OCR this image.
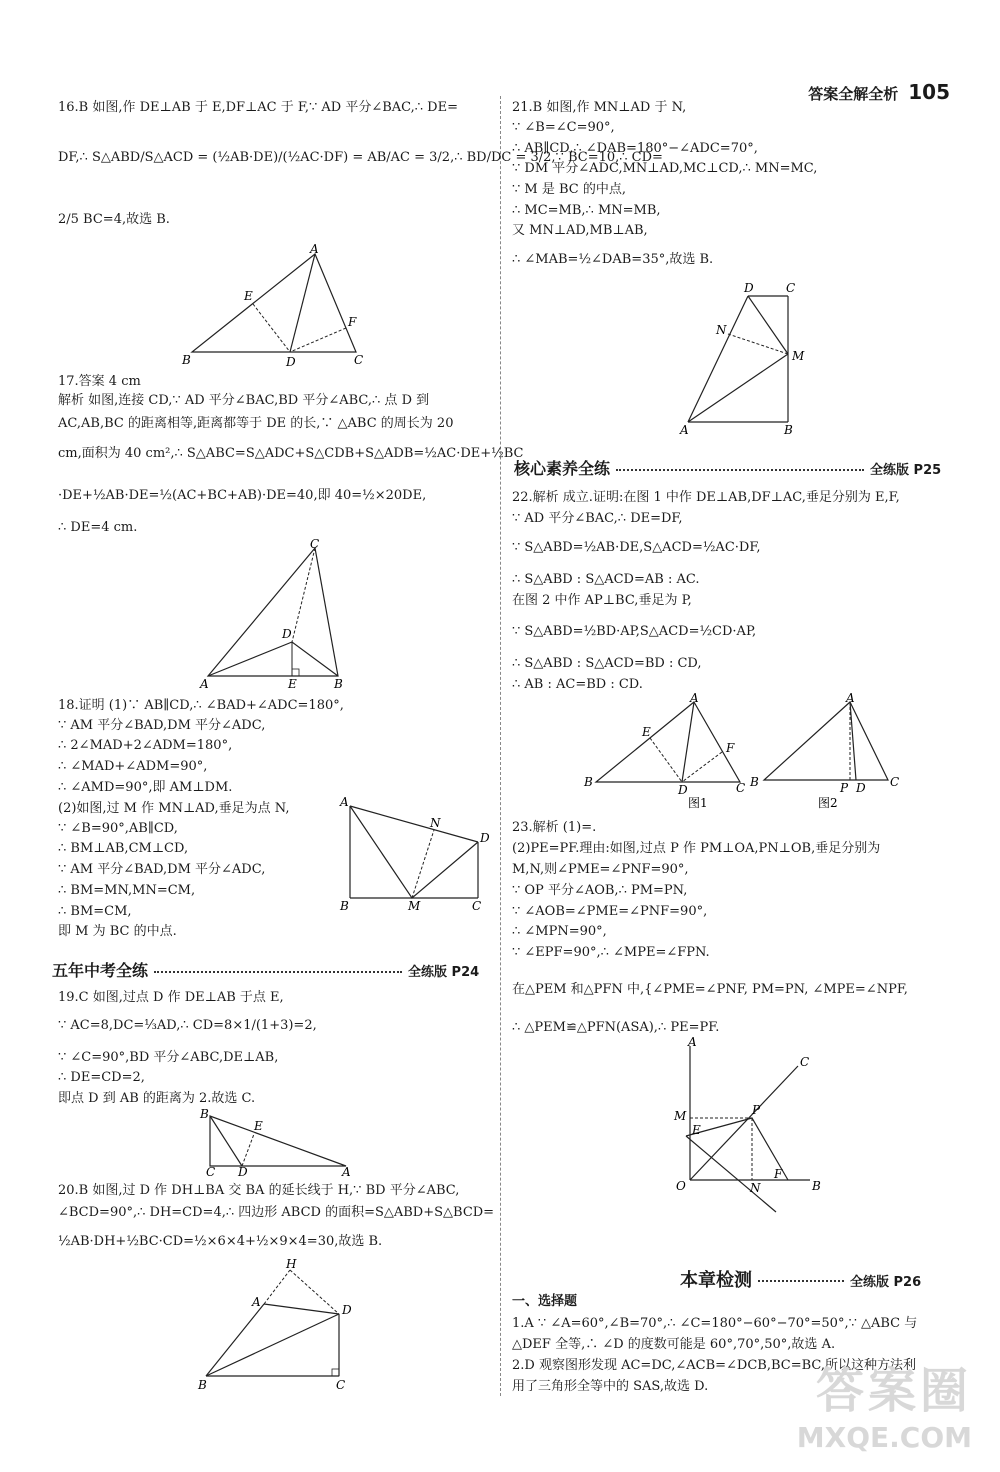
答案全解全析 105
16.B 如图,作 DE⊥AB 于 E,DF⊥AC 于 F,∵ AD 平分∠BAC,∴ DE=
DF,∴ S△ABD/S△ACD = (½AB·DE)/(½AC·DF) = AB/AC = 3/2,∴ BD/DC = 3/2,∵ BC=10,∴ CD=
2/5 BC=4,故选 B.
A
B	C
D
E
F
17.答案 4 cm
解析 如图,连接 CD,∵ AD 平分∠BAC,BD 平分∠ABC,∴ 点 D 到
AC,AB,BC 的距离相等,距离都等于 DE 的长,∵ △ABC 的周长为 20
cm,面积为 40 cm²,∴ S△ABC=S△ADC+S△CDB+S△ADB=½AC·DE+½BC
·DE+½AB·DE=½(AC+BC+AB)·DE=40,即 40=½×20DE,
∴ DE=4 cm.
C
A	B
D
E
18.证明 (1)∵ AB∥CD,∴ ∠BAD+∠ADC=180°,
∵ AM 平分∠BAD,DM 平分∠ADC,
∴ 2∠MAD+2∠ADM=180°,
∴ ∠MAD+∠ADM=90°,
∴ ∠AMD=90°,即 AM⊥DM.
(2)如图,过 M 作 MN⊥AD,垂足为点 N,
∵ ∠B=90°,AB∥CD,
∴ BM⊥AB,CM⊥CD,
∵ AM 平分∠BAD,DM 平分∠ADC,
∴ BM=MN,MN=CM,
∴ BM=CM,
即 M 为 BC 的中点.
A
B	C
D
M
N
五年中考全练	全练版 P24
19.C 如图,过点 D 作 DE⊥AB 于点 E,
∵ AC=8,DC=⅓AD,∴ CD=8×1/(1+3)=2,
∵ ∠C=90°,BD 平分∠ABC,DE⊥AB,
∴ DE=CD=2,
即点 D 到 AB 的距离为 2.故选 C.
B
C D	A
E
20.B 如图,过 D 作 DH⊥BA 交 BA 的延长线于 H,∵ BD 平分∠ABC,
∠BCD=90°,∴ DH=CD=4,∴ 四边形 ABCD 的面积=S△ABD+S△BCD=
½AB·DH+½BC·CD=½×6×4+½×9×4=30,故选 B.
H
A
D
B	C
21.B 如图,作 MN⊥AD 于 N,
∵ ∠B=∠C=90°,
∴ AB∥CD,∴ ∠DAB=180°−∠ADC=70°,
∵ DM 平分∠ADC,MN⊥AD,MC⊥CD,∴ MN=MC,
∵ M 是 BC 的中点,
∴ MC=MB,∴ MN=MB,
又 MN⊥AD,MB⊥AB,
∴ ∠MAB=½∠DAB=35°,故选 B.
D	C
N
M
A	B
核心素养全练	全练版 P25
22.解析 成立.证明:在图 1 中作 DE⊥AB,DF⊥AC,垂足分别为 E,F,
∵ AD 平分∠BAC,∴ DE=DF,
∵ S△ABD=½AB·DE,S△ACD=½AC·DF,
∴ S△ABD : S△ACD=AB : AC.
在图 2 中作 AP⊥BC,垂足为 P,
∵ S△ABD=½BD·AP,S△ACD=½CD·AP,
∴ S△ABD : S△ACD=BD : CD,
∴ AB : AC=BD : CD.
A
B	C
D
E
F
图1
A
B	C
P D
图2
23.解析 (1)=.
(2)PE=PF.理由:如图,过点 P 作 PM⊥OA,PN⊥OB,垂足分别为
M,N,则∠PME=∠PNF=90°,
∵ OP 平分∠AOB,∴ PM=PN,
∵ ∠AOB=∠PME=∠PNF=90°,
∴ ∠MPN=90°,
∵ ∠EPF=90°,∴ ∠MPE=∠FPN.
在△PEM 和△PFN 中,{∠PME=∠PNF, PM=PN, ∠MPE=∠NPF,
∴ △PEM≌△PFN(ASA),∴ PE=PF.
A
C
M
E
P
O	N
F
B
本章检测	全练版 P26
一、选择题
1.A ∵ ∠A=60°,∠B=70°,∴ ∠C=180°−60°−70°=50°,∵ △ABC 与
△DEF 全等,∴ ∠D 的度数可能是 60°,70°,50°,故选 A.
2.D 观察图形发现 AC=DC,∠ACB=∠DCB,BC=BC,所以这种方法利
用了三角形全等中的 SAS,故选 D.	答案圈
MXQE.COM
